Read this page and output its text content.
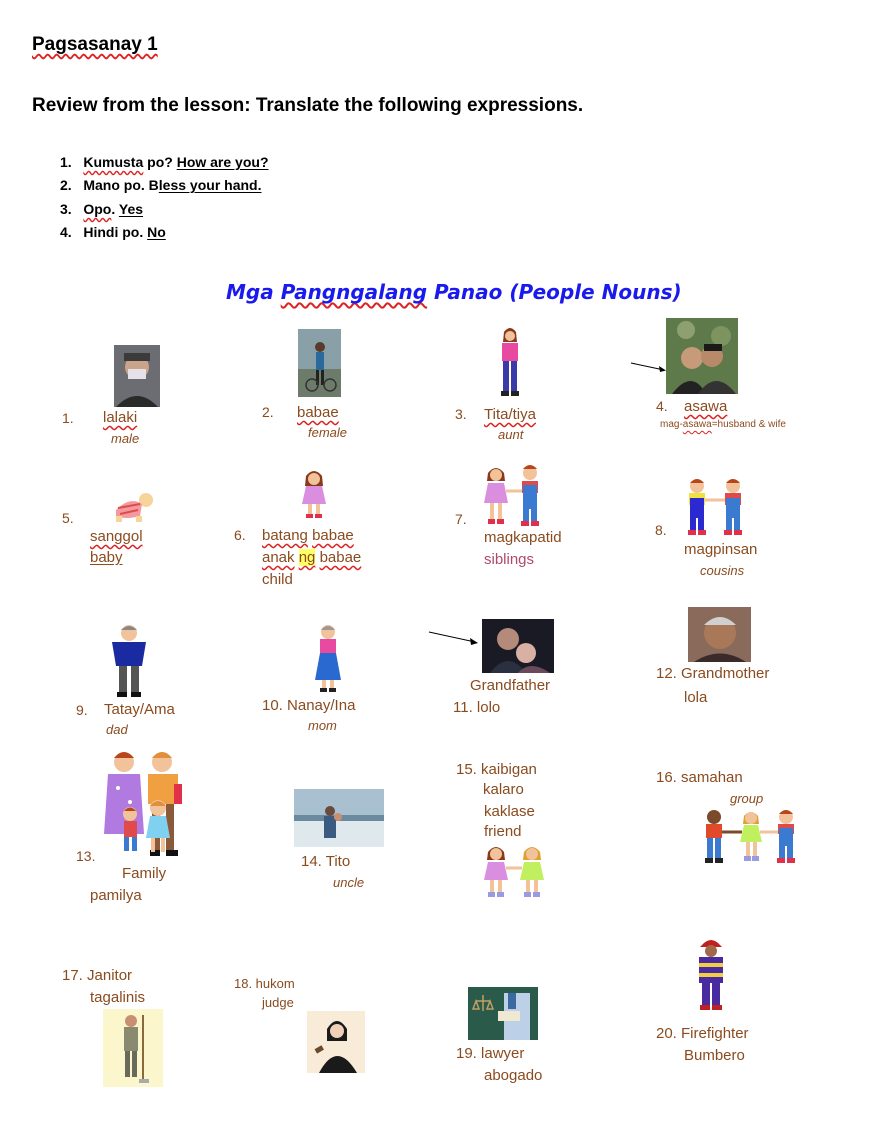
Pagsasanay 1
Review from the lesson: Translate the following expressions.
1. Kumusta po? How are you?
2. Mano po. Bless your hand.
3. Opo. Yes
4. Hindi po. No
Mga Pangngalang Panao (People Nouns)
1. lalaki
male
2. babae
female
3. Tita/tiya
aunt
4. asawa
mag-asawa=husband & wife
5.
sanggol
baby
6. batang babae
anak ng babae
child
7.
magkapatid
siblings
8.
magpinsan
cousins
9. Tatay/Ama
dad
10. Nanay/Ina
mom
Grandfather
11. lolo
12. Grandmother
lola
13.
Family
pamilya
14. Tito
uncle
15. kaibigan
kalaro
kaklase
friend
16. samahan
group
17. Janitor
tagalinis
18. hukom
judge
19. lawyer
abogado
20. Firefighter
Bumbero
